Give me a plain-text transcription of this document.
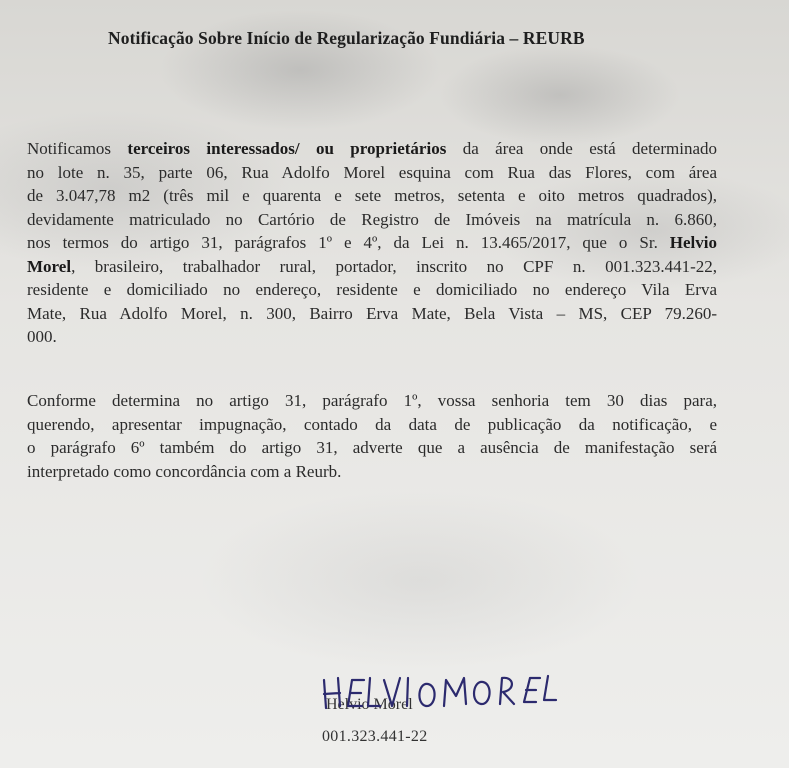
Notificação Sobre Início de Regularização Fundiária – REURB
Notificamos terceiros interessados/ ou proprietários da área onde está determinado
no lote n. 35, parte 06, Rua Adolfo Morel esquina com Rua das Flores, com área
de 3.047,78 m2 (três mil e quarenta e sete metros, setenta e oito metros quadrados),
devidamente matriculado no Cartório de Registro de Imóveis na matrícula n. 6.860,
nos termos do artigo 31, parágrafos 1º e 4º, da Lei n. 13.465/2017, que o Sr. Helvio
Morel, brasileiro, trabalhador rural, portador, inscrito no CPF n. 001.323.441-22,
residente e domiciliado no endereço, residente e domiciliado no endereço Vila Erva
Mate, Rua Adolfo Morel, n. 300, Bairro Erva Mate, Bela Vista – MS, CEP 79.260-
000.
Conforme determina no artigo 31, parágrafo 1º, vossa senhoria tem 30 dias para,
querendo, apresentar impugnação, contado da data de publicação da notificação, e
o parágrafo 6º também do artigo 31, adverte que a ausência de manifestação será
interpretado como concordância com a Reurb.
Helvio Morel
001.323.441-22
